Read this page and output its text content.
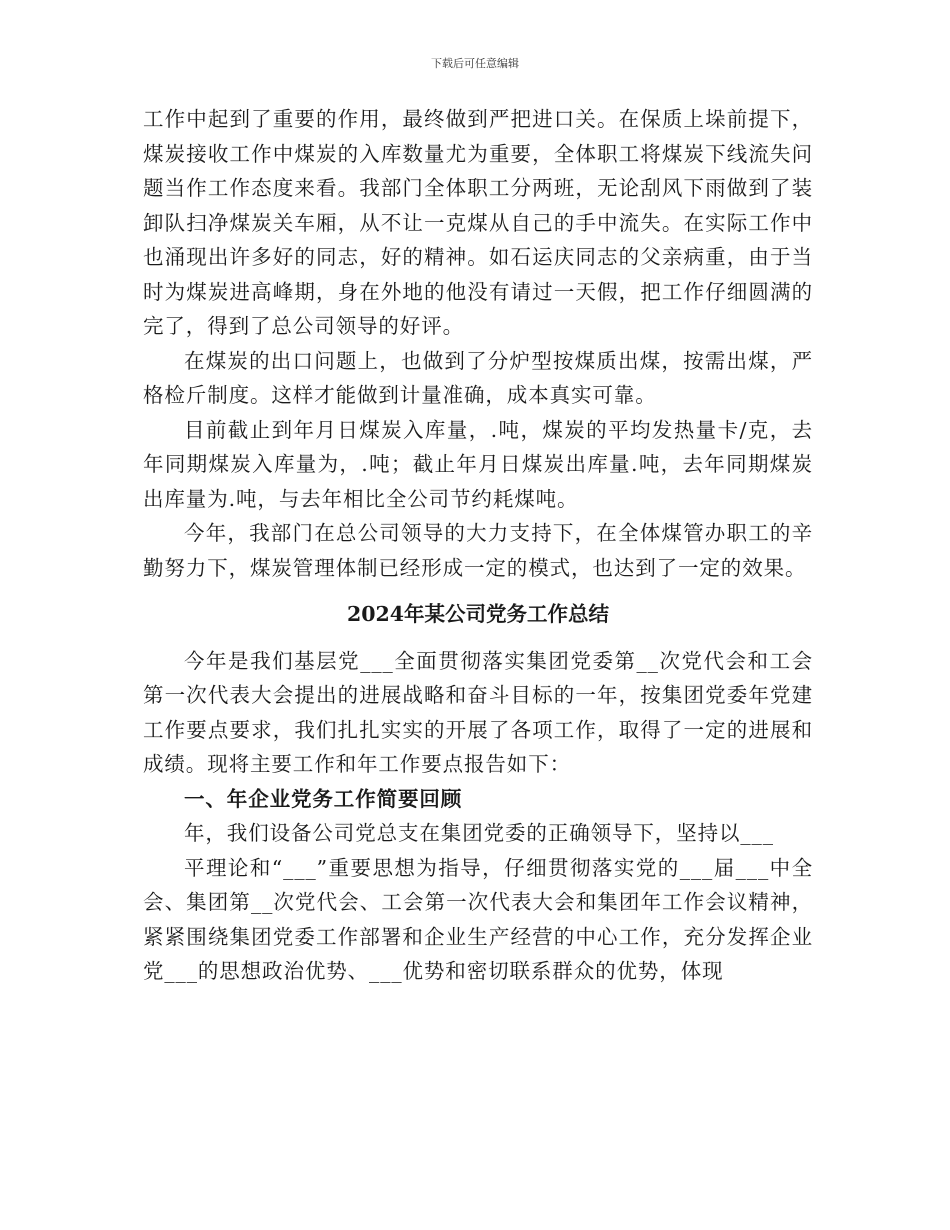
下载后可任意编辑

工作中起到了重要的作用，最终做到严把进口关。在保质上垛前提下，煤炭接收工作中煤炭的入库数量尤为重要，全体职工将煤炭下线流失问题当作工作态度来看。我部门全体职工分两班，无论刮风下雨做到了装卸队扫净煤炭关车厢，从不让一克煤从自己的手中流失。在实际工作中也涌现出许多好的同志，好的精神。如石运庆同志的父亲病重，由于当时为煤炭进高峰期，身在外地的他没有请过一天假，把工作仔细圆满的完了，得到了总公司领导的好评。

在煤炭的出口问题上，也做到了分炉型按煤质出煤，按需出煤，严格检斤制度。这样才能做到计量准确，成本真实可靠。

目前截止到年月日煤炭入库量，.吨，煤炭的平均发热量卡/克，去年同期煤炭入库量为，.吨；截止年月日煤炭出库量.吨，去年同期煤炭出库量为.吨，与去年相比全公司节约耗煤吨。

今年，我部门在总公司领导的大力支持下，在全体煤管办职工的辛勤努力下，煤炭管理体制已经形成一定的模式，也达到了一定的效果。

2024年某公司党务工作总结

今年是我们基层党___全面贯彻落实集团党委第__次党代会和工会第一次代表大会提出的进展战略和奋斗目标的一年，按集团党委年党建工作要点要求，我们扎扎实实的开展了各项工作，取得了一定的进展和成绩。现将主要工作和年工作要点报告如下：

一、年企业党务工作简要回顾

年，我们设备公司党总支在集团党委的正确领导下，坚持以___

平理论和“___”重要思想为指导，仔细贯彻落实党的___届___中全会、集团第__次党代会、工会第一次代表大会和集团年工作会议精神，紧紧围绕集团党委工作部署和企业生产经营的中心工作，充分发挥企业党___的思想政治优势、___优势和密切联系群众的优势，体现
